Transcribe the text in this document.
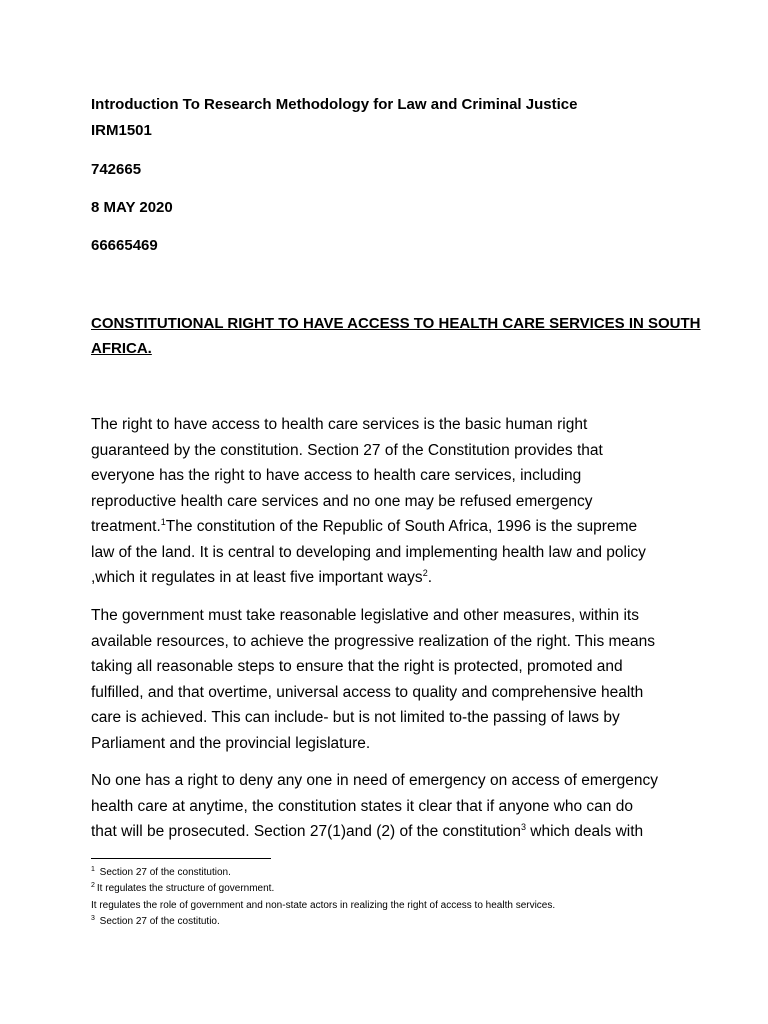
Introduction To Research Methodology for Law and Criminal Justice
IRM1501
742665
8 MAY 2020
66665469
CONSTITUTIONAL RIGHT TO HAVE ACCESS TO HEALTH CARE SERVICES IN SOUTH
AFRICA.
The right to have access to health care services is the basic human right
guaranteed by the constitution. Section 27 of the Constitution provides that
everyone has the right to have access to health care services, including
reproductive health care services and no one may be refused emergency
treatment.$^1$The constitution of the Republic of South Africa, 1996 is the supreme
law of the land. It is central to developing and implementing health law and policy
,which it regulates in at least five important ways$^2$.
The government must take reasonable legislative and other measures, within its
available resources, to achieve the progressive realization of the right. This means
taking all reasonable steps to ensure that the right is protected, promoted and
fulfilled, and that overtime, universal access to quality and comprehensive health
care is achieved. This can include- but is not limited to-the passing of laws by
Parliament and the provincial legislature.
No one has a right to deny any one in need of emergency on access of emergency
health care at anytime, the constitution states it clear that if anyone who can do
that will be prosecuted. Section 27(1)and (2) of the constitution$^3$ which deals with
$^1$ Section 27 of the constitution.
$^2$ It regulates the structure of government.
It regulates the role of government and non-state actors in realizing the right of access to health services.
$^3$ Section 27 of the costitutio.
